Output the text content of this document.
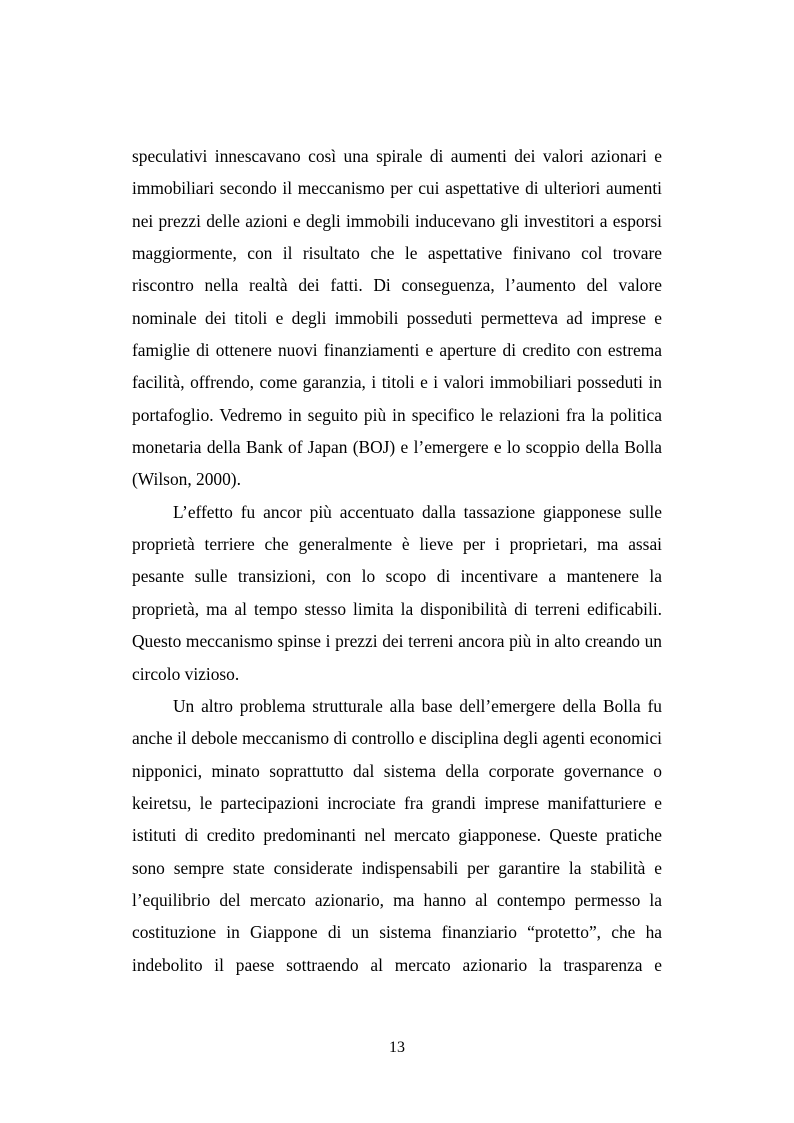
speculativi innescavano così una spirale di aumenti dei valori azionari e
immobiliari secondo il meccanismo per cui aspettative di ulteriori aumenti
nei prezzi delle azioni e degli immobili inducevano gli investitori a esporsi
maggiormente, con il risultato che le aspettative finivano col trovare
riscontro nella realtà dei fatti. Di conseguenza, l’aumento del valore
nominale dei titoli e degli immobili posseduti permetteva ad imprese e
famiglie di ottenere nuovi finanziamenti e aperture di credito con estrema
facilità, offrendo, come garanzia, i titoli e i valori immobiliari posseduti in
portafoglio. Vedremo in seguito più in specifico le relazioni fra la politica
monetaria della Bank of Japan (BOJ) e l’emergere e lo scoppio della Bolla
(Wilson, 2000).

L’effetto fu ancor più accentuato dalla tassazione giapponese sulle
proprietà terriere che generalmente è lieve per i proprietari, ma assai
pesante sulle transizioni, con lo scopo di incentivare a mantenere la
proprietà, ma al tempo stesso limita la disponibilità di terreni edificabili.
Questo meccanismo spinse i prezzi dei terreni ancora più in alto creando un
circolo vizioso.

Un altro problema strutturale alla base dell’emergere della Bolla fu
anche il debole meccanismo di controllo e disciplina degli agenti economici
nipponici, minato soprattutto dal sistema della corporate governance o
keiretsu, le partecipazioni incrociate fra grandi imprese manifatturiere e
istituti di credito predominanti nel mercato giapponese. Queste pratiche
sono sempre state considerate indispensabili per garantire la stabilità e
l’equilibrio del mercato azionario, ma hanno al contempo permesso la
costituzione in Giappone di un sistema finanziario “protetto”, che ha
indebolito il paese sottraendo al mercato azionario la trasparenza e

13
